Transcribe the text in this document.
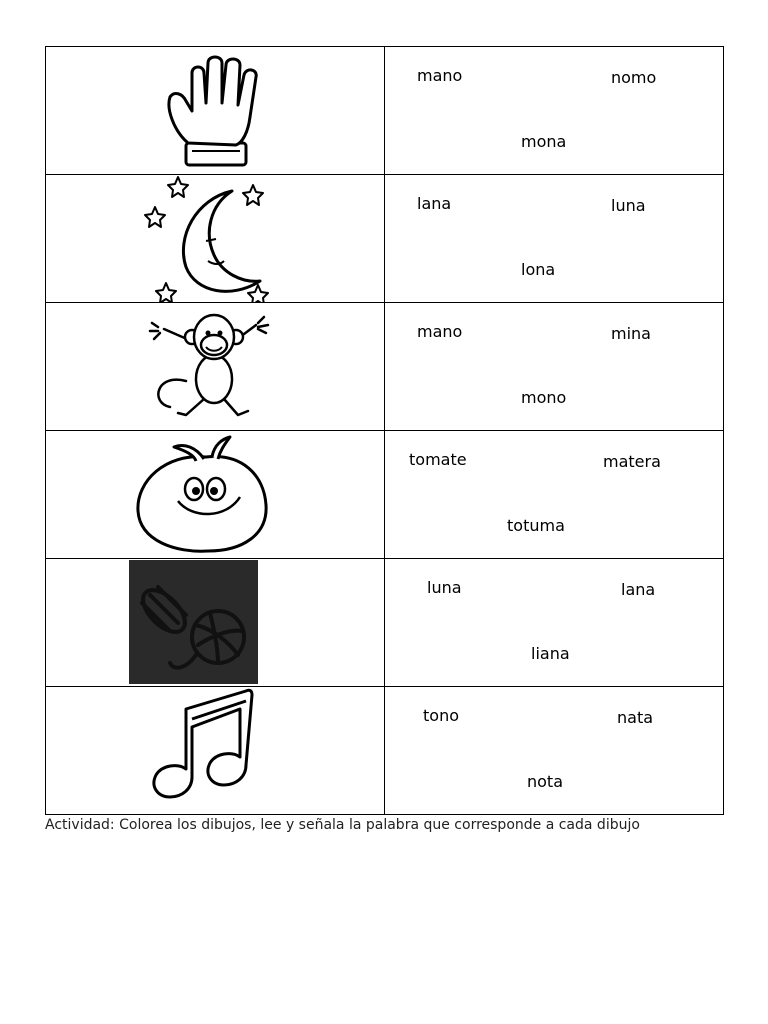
mano nomo
mona

lana luna
lona

mano mina
mono

tomate matera
totuma

luna lana
liana

tono nata
nota
Actividad: Colorea los dibujos, lee y señala la palabra que corresponde a cada dibujo
